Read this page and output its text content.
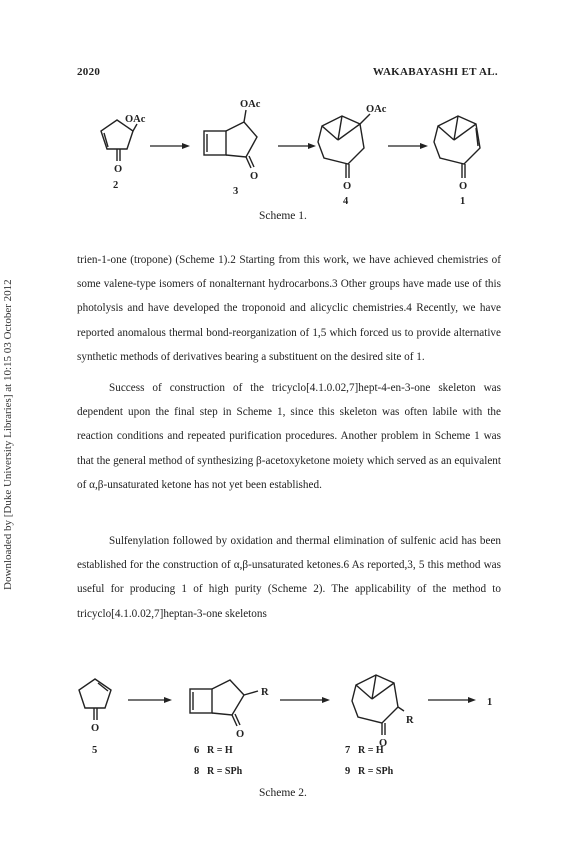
2020	WAKABAYASHI ET AL.
Downloaded by [Duke University Libraries] at 10:15 03 October 2012
OAc
OAc	OAc
O
O
O	O
2
3
4	1
Scheme 1.
trien-1-one (tropone) (Scheme 1).2 Starting from this work, we have achieved chemistries of some valene-type isomers of nonalternant hydrocarbons.3 Other groups have made use of this photolysis and have developed the troponoid and alicyclic chemistries.4 Recently, we have reported anomalous thermal bond-reorganization of 1,5 which forced us to provide alternative synthetic methods of derivatives bearing a substituent on the desired site of 1.
Success of construction of the tricyclo[4.1.0.02,7]hept-4-en-3-one skeleton was dependent upon the final step in Scheme 1, since this skeleton was often labile with the reaction conditions and repeated purification procedures. Another problem in Scheme 1 was that the general method of synthesizing β-acetoxyketone moiety which served as an equivalent of α,β-unsaturated ketone has not yet been established.
Sulfenylation followed by oxidation and thermal elimination of sulfenic acid has been established for the construction of α,β-unsaturated ketones.6 As reported,3, 5 this method was useful for producing 1 of high purity (Scheme 2). The applicability of the method to tricyclo[4.1.0.02,7]heptan-3-one skeletons
R
R
O
O
O
1
5	6 R = H
8 R = SPh
7 R = H
9 R = SPh
Scheme 2.
